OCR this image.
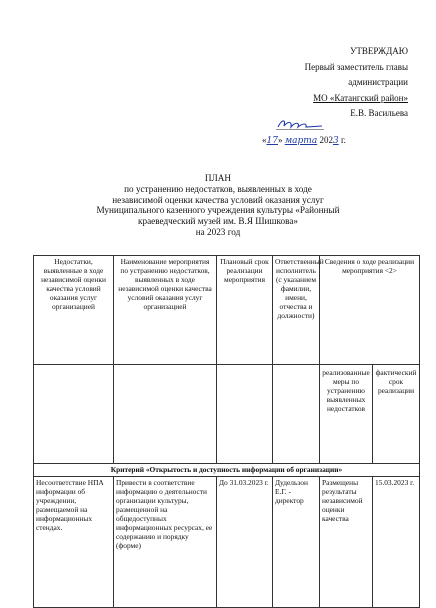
УТВЕРЖДАЮ
Первый заместитель главы
администрации
МО «Катангский район»
Е.В. Васильева
«17» марта 2023 г.
ПЛАН
по устранению недостатков, выявленных в ходе
независимой оценки качества условий оказания услуг
Муниципального казенного учреждения культуры «Районный
краеведческий музей им. В.Я Шишкова»
на 2023 год
Недостатки, выявленные в ходе независимой оценки качества условий оказания услуг организацией	Наименование мероприятия по устранению недостатков, выявленных в ходе независимой оценки качества условий оказания услуг организацией	Плановый срок реализации мероприятия	Ответственный исполнитель (с указанием фамилии, имени, отчества и должности)	Сведения о ходе реализации мероприятия <2>	
				реализованные меры по устранению выявленных недостатков	фактический срок реализации
Критерий «Открытость и доступность информации об организации»					
Несоответствие НПА информации об учреждении, размещаемой на информационных стендах.	Привести в соответствие информацию о деятельности организации культуры, размещенной на общедоступных информационных ресурсах, ее содержанию и порядку (форме)	До 31.03.2023 г.	Дудельзон Е.Г. - директор	Размещены результаты независимой оценки качества	15.03.2023 г.
